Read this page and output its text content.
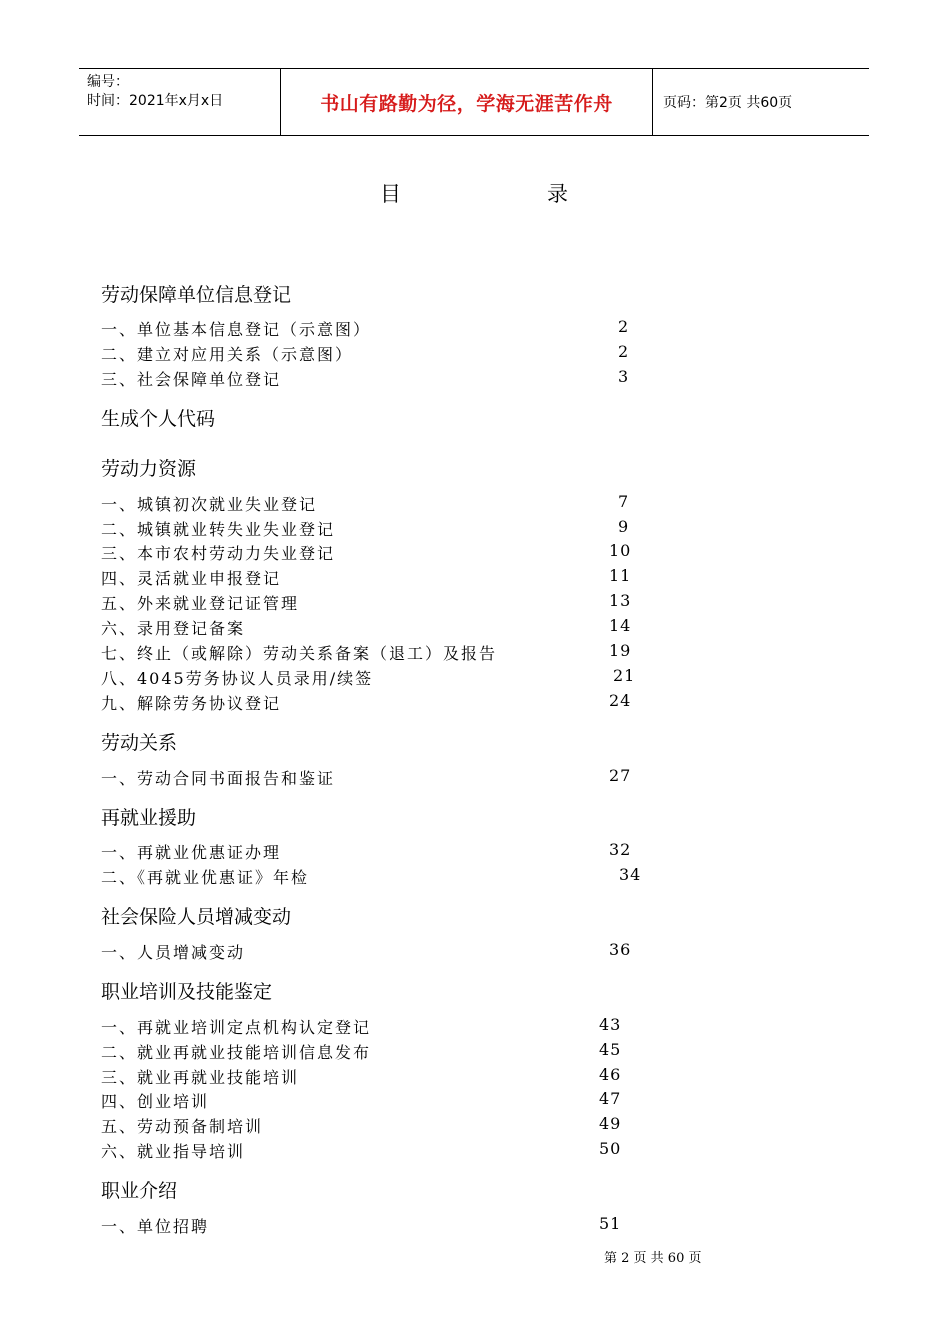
编号：
时间：2021年x月x日	书山有路勤为径，学海无涯苦作舟	页码：第2页 共60页
目	录
劳动保障单位信息登记
一、单位基本信息登记（示意图）	2
二、建立对应用关系（示意图）	2
三、社会保障单位登记	3
生成个人代码
劳动力资源
一、城镇初次就业失业登记	7
二、城镇就业转失业失业登记	9
三、本市农村劳动力失业登记	10
四、灵活就业申报登记	11
五、外来就业登记证管理	13
六、录用登记备案	14
七、终止（或解除）劳动关系备案（退工）及报告	19
八、4045劳务协议人员录用/续签	21
九、解除劳务协议登记	24
劳动关系
一、劳动合同书面报告和鉴证	27
再就业援助
一、再就业优惠证办理	32
二、《再就业优惠证》年检	34
社会保险人员增减变动
一、人员增减变动	36
职业培训及技能鉴定
一、再就业培训定点机构认定登记	43
二、就业再就业技能培训信息发布	45
三、就业再就业技能培训	46
四、创业培训	47
五、劳动预备制培训	49
六、就业指导培训	50
职业介绍
一、单位招聘	51
第 2 页 共 60 页
